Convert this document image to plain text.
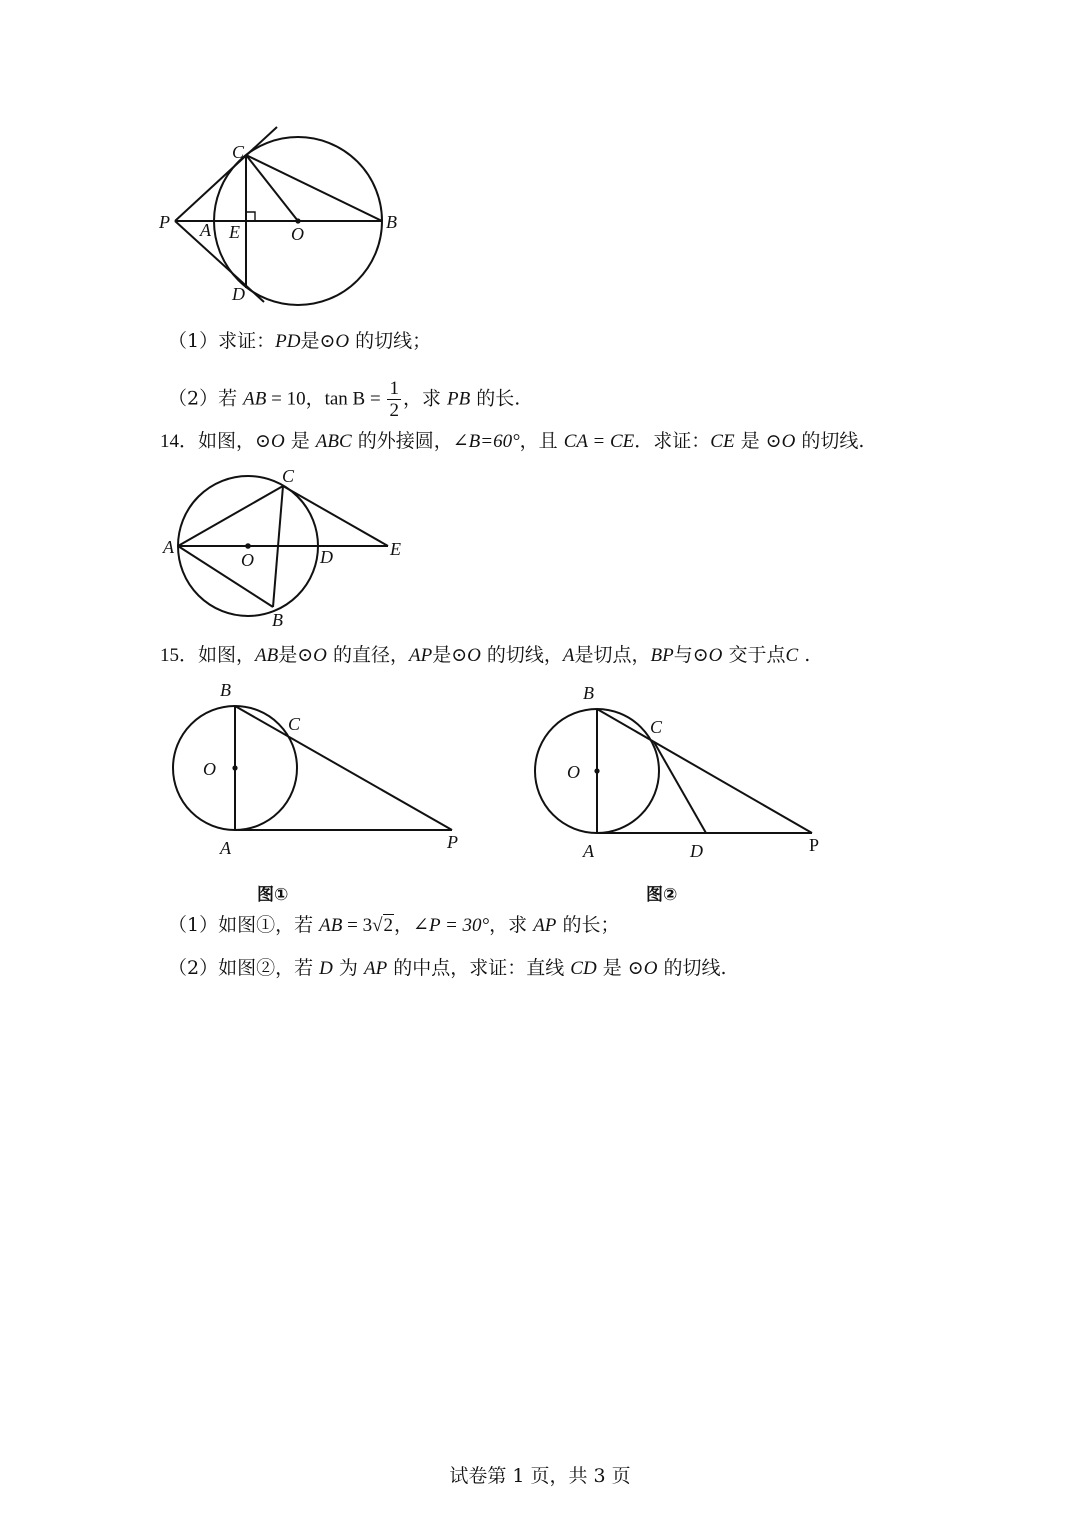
C
P A E	O
B
D
（1）求证：PD是⊙O 的切线；
（2）若 AB = 10，$\tan B = \frac{1}{2}$ ，求 PB 的长.
14．如图，⊙O 是 ABC 的外接圆，∠B=60°，且 CA = CE．求证：CE 是 ⊙O 的切线.
C
A
O	D	E
B
15．如图，AB是⊙O 的直径，AP是⊙O 的切线，A是切点，BP与⊙O 交于点C .
B
C
O
A	P
图①
B
C
O
A	D	P
图②
（1）如图①，若 AB = 3√2，∠P = 30°，求 AP 的长；
（2）如图②，若 D 为 AP 的中点，求证：直线 CD 是 ⊙O 的切线.
试卷第 1 页，共 3 页
